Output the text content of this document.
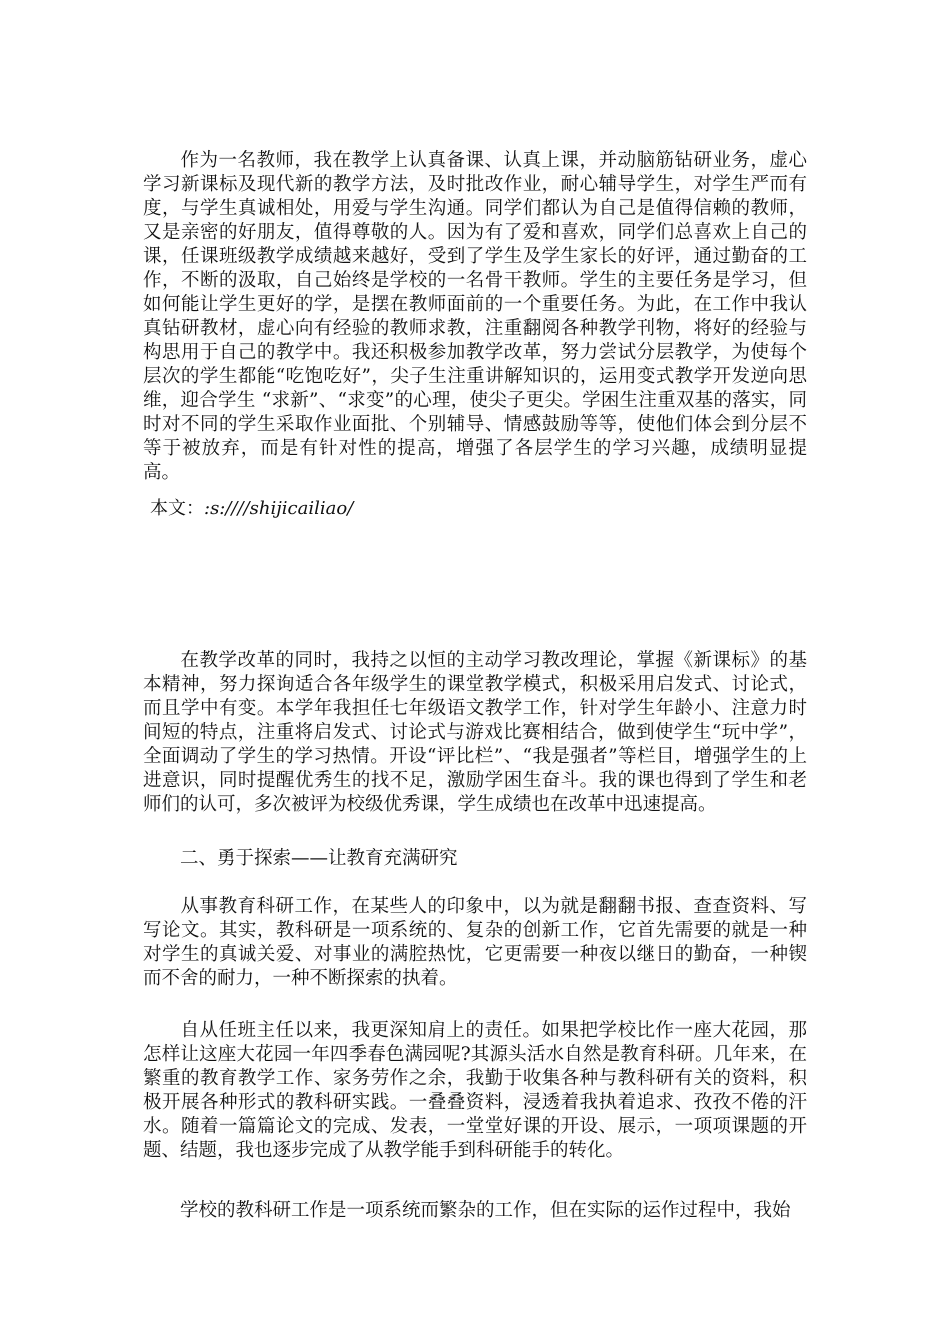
作为一名教师，我在教学上认真备课、认真上课，并动脑筋钻研业务，虚心学习新课标及现代新的教学方法，及时批改作业，耐心辅导学生，对学生严而有度，与学生真诚相处，用爱与学生沟通。同学们都认为自己是值得信赖的教师，又是亲密的好朋友，值得尊敬的人。因为有了爱和喜欢，同学们总喜欢上自己的课，任课班级教学成绩越来越好，受到了学生及学生家长的好评，通过勤奋的工作，不断的汲取，自己始终是学校的一名骨干教师。学生的主要任务是学习，但如何能让学生更好的学，是摆在教师面前的一个重要任务。为此，在工作中我认真钻研教材，虚心向有经验的教师求教，注重翻阅各种教学刊物，将好的经验与构思用于自己的教学中。我还积极参加教学改革，努力尝试分层教学，为使每个层次的学生都能“吃饱吃好”，尖子生注重讲解知识的，运用变式教学开发逆向思维，迎合学生 “求新”、“求变”的心理，使尖子更尖。学困生注重双基的落实，同时对不同的学生采取作业面批、个别辅导、情感鼓励等等，使他们体会到分层不等于被放弃，而是有针对性的提高，增强了各层学生的学习兴趣，成绩明显提高。

本文：:s:////shijicailiao/

在教学改革的同时，我持之以恒的主动学习教改理论，掌握《新课标》的基本精神，努力探询适合各年级学生的课堂教学模式，积极采用启发式、讨论式，而且学中有变。本学年我担任七年级语文教学工作，针对学生年龄小、注意力时间短的特点，注重将启发式、讨论式与游戏比赛相结合，做到使学生“玩中学”，全面调动了学生的学习热情。开设“评比栏”、“我是强者”等栏目，增强学生的上进意识，同时提醒优秀生的找不足，激励学困生奋斗。我的课也得到了学生和老师们的认可，多次被评为校级优秀课，学生成绩也在改革中迅速提高。

二、勇于探索——让教育充满研究

从事教育科研工作，在某些人的印象中，以为就是翻翻书报、查查资料、写写论文。其实，教科研是一项系统的、复杂的创新工作，它首先需要的就是一种对学生的真诚关爱、对事业的满腔热忱，它更需要一种夜以继日的勤奋，一种锲而不舍的耐力，一种不断探索的执着。

自从任班主任以来，我更深知肩上的责任。如果把学校比作一座大花园，那怎样让这座大花园一年四季春色满园呢?其源头活水自然是教育科研。几年来，在繁重的教育教学工作、家务劳作之余，我勤于收集各种与教科研有关的资料，积极开展各种形式的教科研实践。一叠叠资料，浸透着我执着追求、孜孜不倦的汗水。随着一篇篇论文的完成、发表，一堂堂好课的开设、展示，一项项课题的开题、结题，我也逐步完成了从教学能手到科研能手的转化。

学校的教科研工作是一项系统而繁杂的工作，但在实际的运作过程中，我始
